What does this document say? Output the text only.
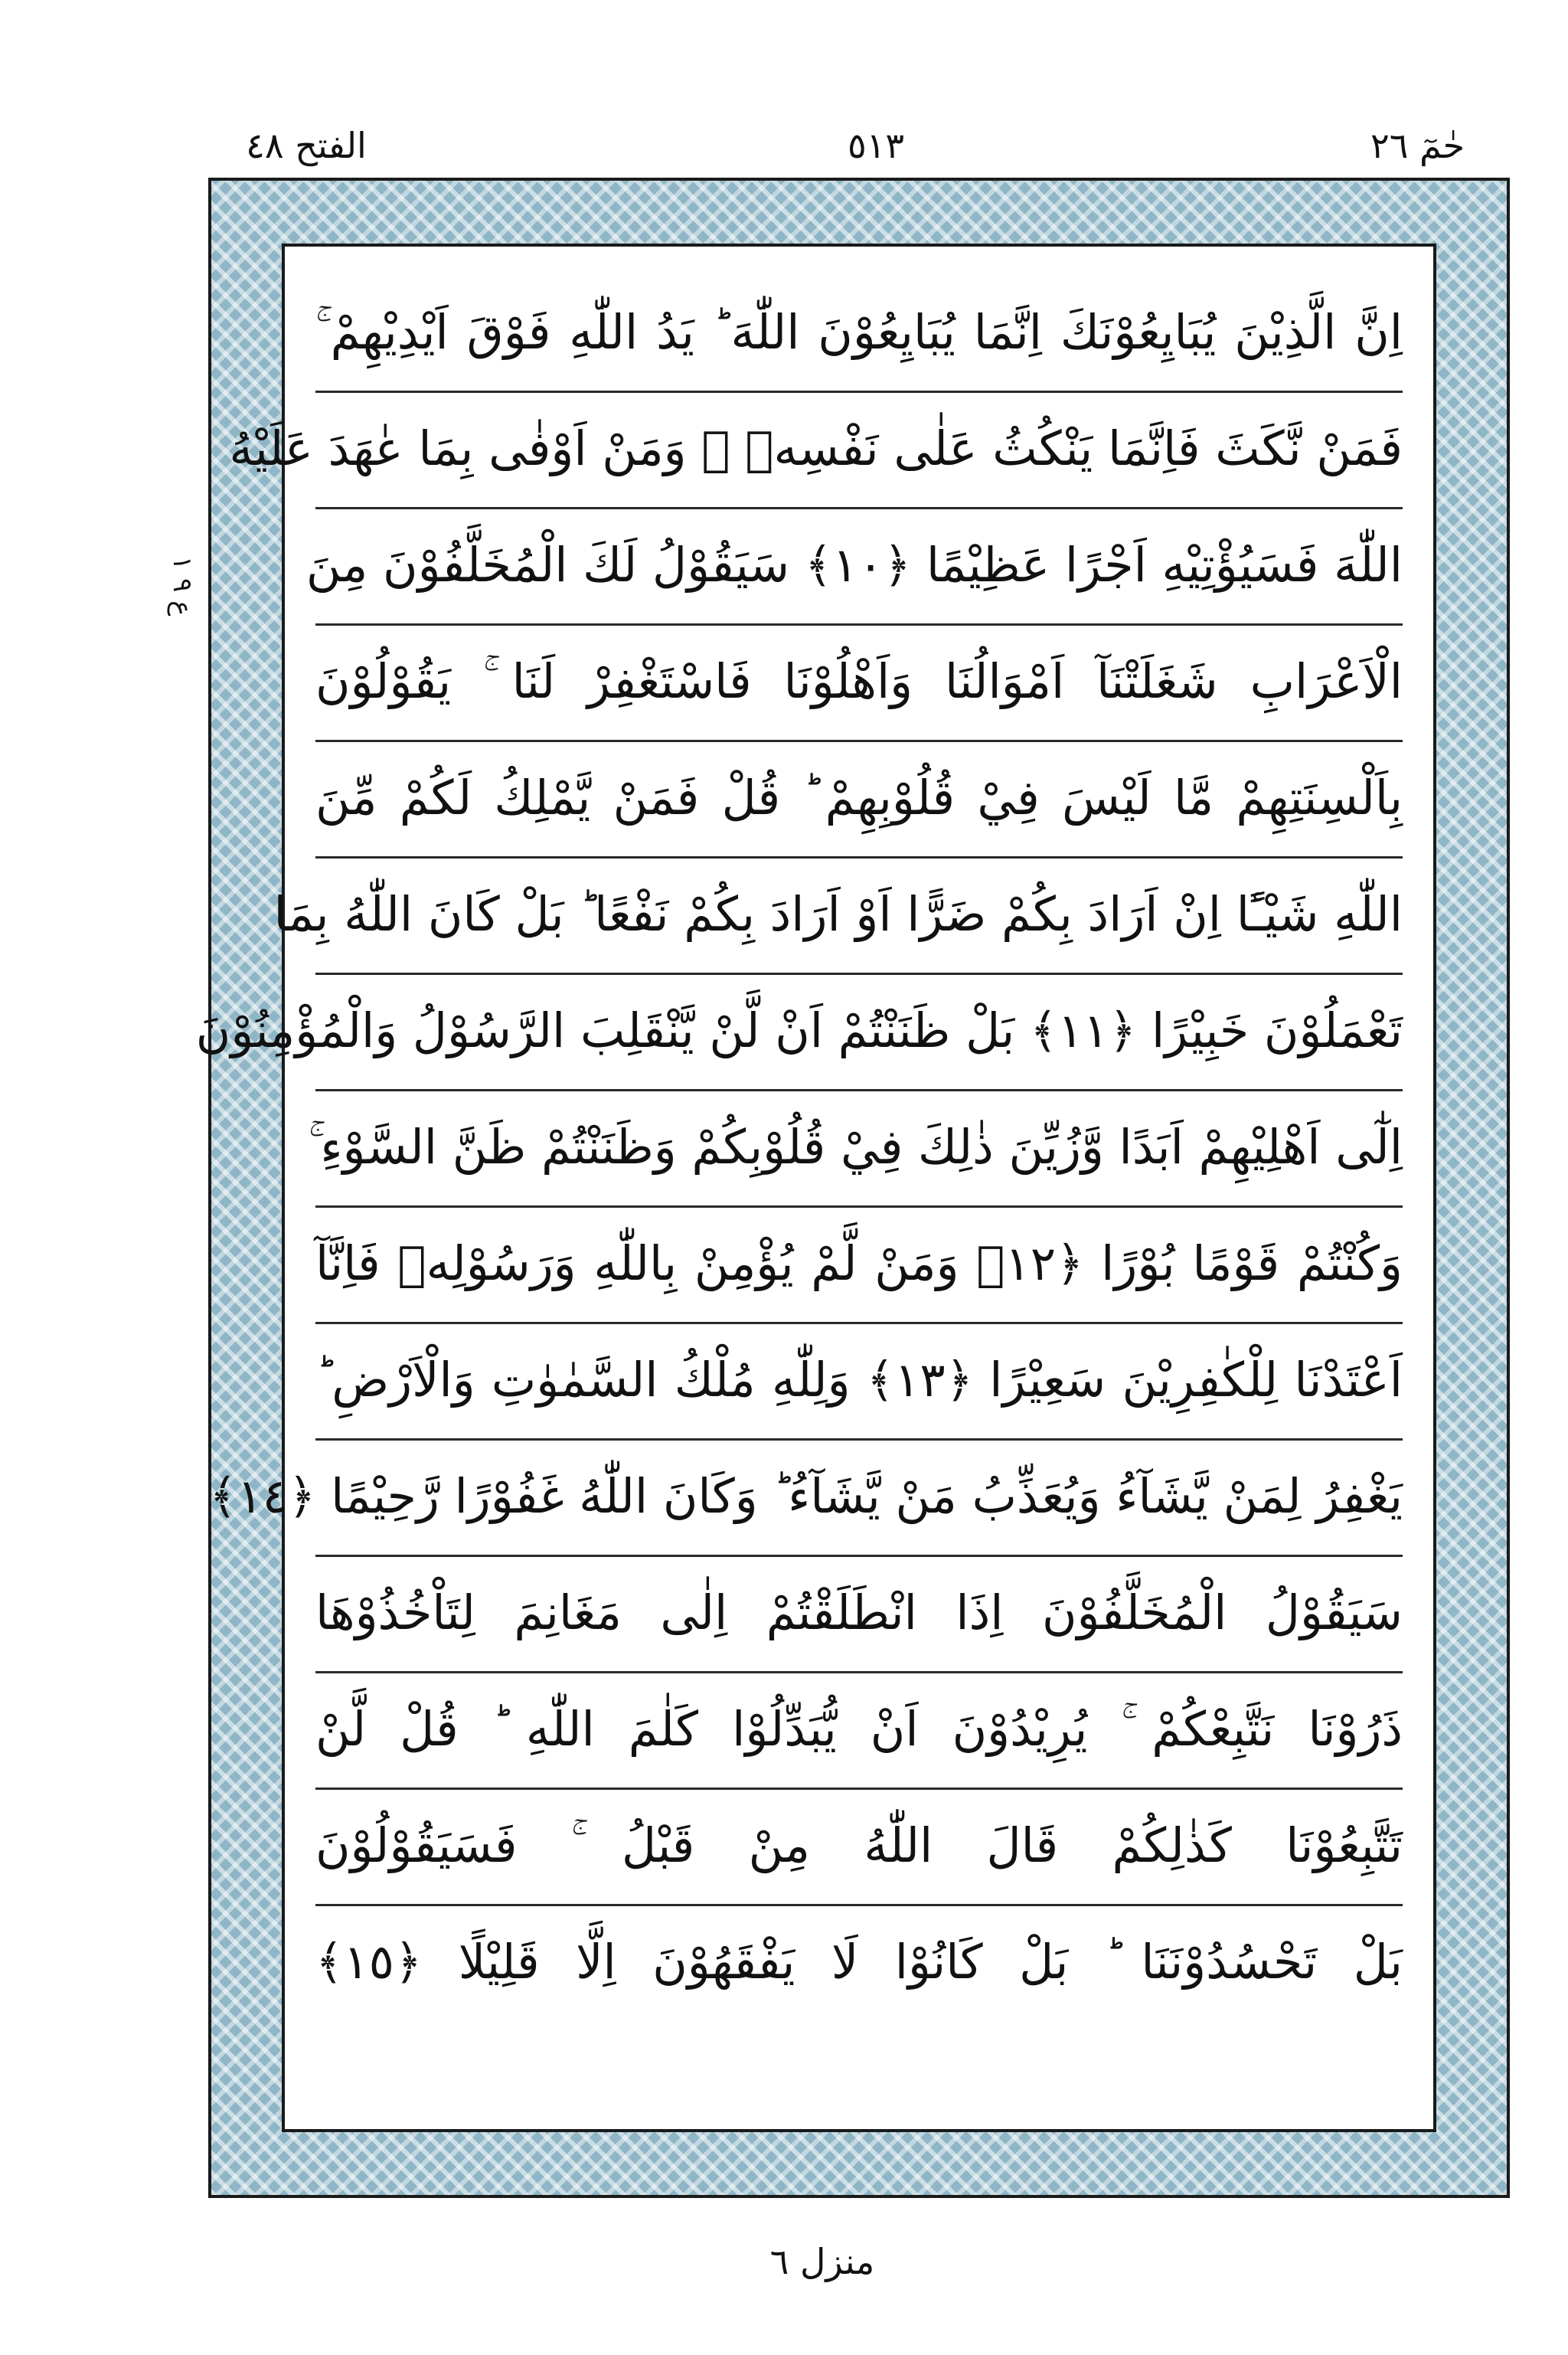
حٰمٓ ٢٦
٥١٣
الفتح ٤٨
ع ٩ ١
اِنَّ الَّذِيْنَ يُبَايِعُوْنَكَ اِنَّمَا يُبَايِعُوْنَ اللّٰهَ ؕ يَدُ اللّٰهِ فَوْقَ اَيْدِيْهِمْ ۚ
فَمَنْ نَّكَثَ فَاِنَّمَا يَنْكُثُ عَلٰى نَفْسِهٖ ۚ وَمَنْ اَوْفٰى بِمَا عٰهَدَ عَلَيْهُ
اللّٰهَ فَسَيُؤْتِيْهِ اَجْرًا عَظِيْمًا ﴿١٠﴾ سَيَقُوْلُ لَكَ الْمُخَلَّفُوْنَ مِنَ
الْاَعْرَابِ شَغَلَتْنَآ اَمْوَالُنَا وَاَهْلُوْنَا فَاسْتَغْفِرْ لَنَا ۚ يَقُوْلُوْنَ
بِاَلْسِنَتِهِمْ مَّا لَيْسَ فِيْ قُلُوْبِهِمْ ؕ قُلْ فَمَنْ يَّمْلِكُ لَكُمْ مِّنَ
اللّٰهِ شَيْـًٔا اِنْ اَرَادَ بِكُمْ ضَرًّا اَوْ اَرَادَ بِكُمْ نَفْعًا ؕ بَلْ كَانَ اللّٰهُ بِمَا
تَعْمَلُوْنَ خَبِيْرًا ﴿١١﴾ بَلْ ظَنَنْتُمْ اَنْ لَّنْ يَّنْقَلِبَ الرَّسُوْلُ وَالْمُؤْمِنُوْنَ
اِلٰٓى اَهْلِيْهِمْ اَبَدًا وَّزُيِّنَ ذٰلِكَ فِيْ قُلُوْبِكُمْ وَظَنَنْتُمْ ظَنَّ السَّوْءِ ۚ
وَكُنْتُمْ قَوْمًا بُوْرًا ﴿١٢﴾ وَمَنْ لَّمْ يُؤْمِنْ بِاللّٰهِ وَرَسُوْلِهٖ فَاِنَّآ
اَعْتَدْنَا لِلْكٰفِرِيْنَ سَعِيْرًا ﴿١٣﴾ وَلِلّٰهِ مُلْكُ السَّمٰوٰتِ وَالْاَرْضِ ؕ
يَغْفِرُ لِمَنْ يَّشَآءُ وَيُعَذِّبُ مَنْ يَّشَآءُ ؕ وَكَانَ اللّٰهُ غَفُوْرًا رَّحِيْمًا ﴿١٤﴾
سَيَقُوْلُ الْمُخَلَّفُوْنَ اِذَا انْطَلَقْتُمْ اِلٰى مَغَانِمَ لِتَاْخُذُوْهَا
ذَرُوْنَا نَتَّبِعْكُمْ ۚ يُرِيْدُوْنَ اَنْ يُّبَدِّلُوْا كَلٰمَ اللّٰهِ ؕ قُلْ لَّنْ
تَتَّبِعُوْنَا كَذٰلِكُمْ قَالَ اللّٰهُ مِنْ قَبْلُ ۚ فَسَيَقُوْلُوْنَ
بَلْ تَحْسُدُوْنَنَا ؕ بَلْ كَانُوْا لَا يَفْقَهُوْنَ اِلَّا قَلِيْلًا ﴿١٥﴾
منزل ٦
